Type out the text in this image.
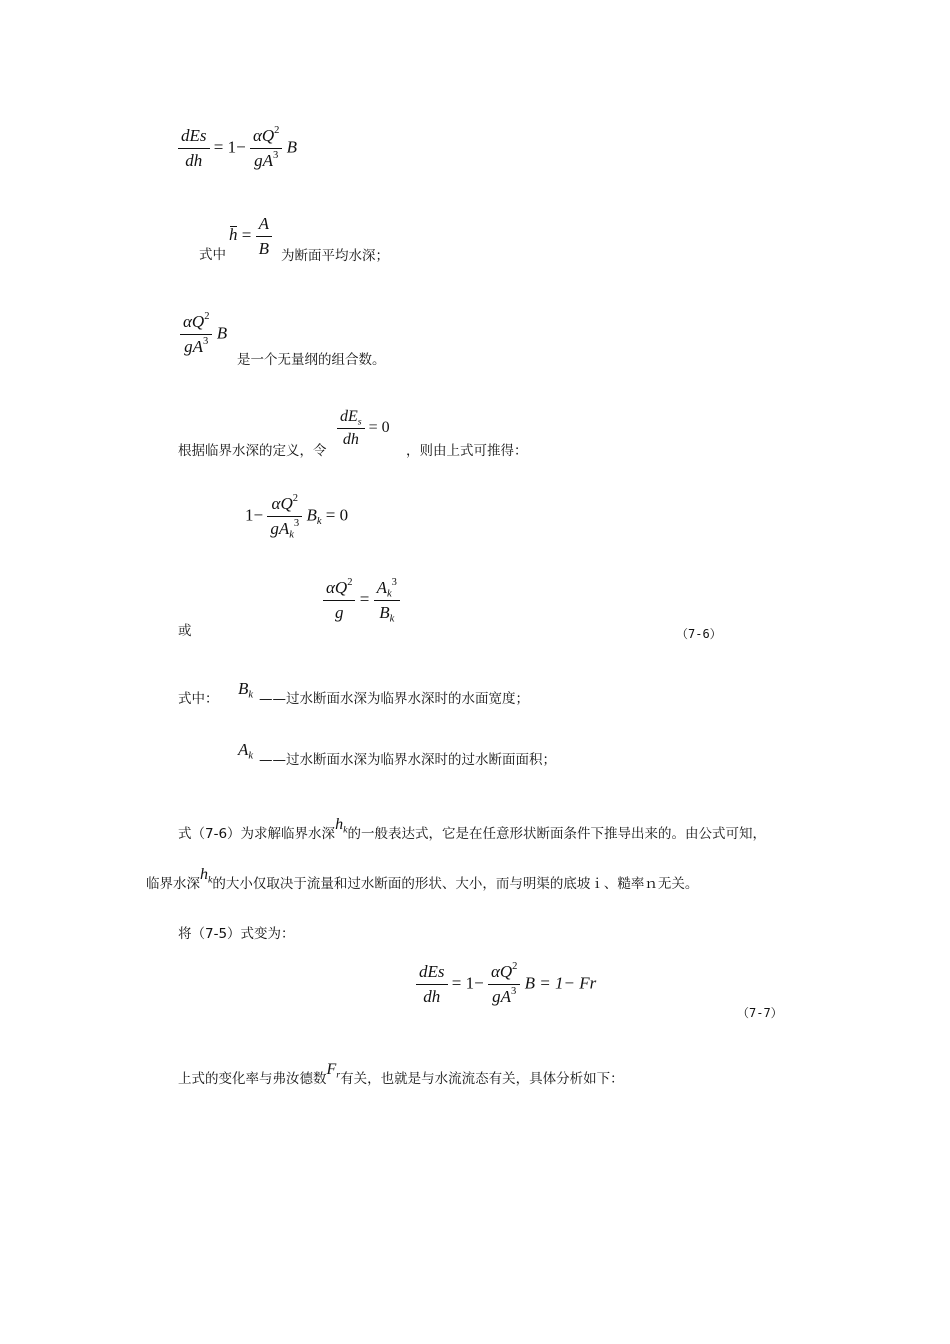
$\frac{\text{dEs}}{dh} = 1- \frac{\alpha Q^2}{gA^3}$ B
式中
$h = \frac{A}{B}$ 为断面平均水深；
$\frac{\alpha Q^2}{gA^3}$ B
是一个无量纲的组合数。
根据临界水深的定义，令
$\frac{dE_s}{dh} = 0$
，则由上式可推得：
$1- \frac{\alpha Q^2}{gA_k^3} B_k = 0$
或
$\frac{\alpha Q^2}{g} = \frac{A_k^3}{B_k}$
（7-6）
式中：
$B_k$ ——过水断面水深为临界水深时的水面宽度；
$A_k$ ——过水断面水深为临界水深时的过水断面面积；
式（7-6）为求解临界水深$h_k$的一般表达式，它是在任意形状断面条件下推导出来的。由公式可知，
临界水深$h_k$的大小仅取决于流量和过水断面的形状、大小，而与明渠的底坡ｉ、糙率ｎ无关。
将（7-5）式变为：
$\frac{\text{dEs}}{dh} = 1- \frac{\alpha Q^2}{gA^3}$ B = 1− Fr
（7-7）
上式的变化率与弗汝德数$F_r$有关，也就是与水流流态有关，具体分析如下：
